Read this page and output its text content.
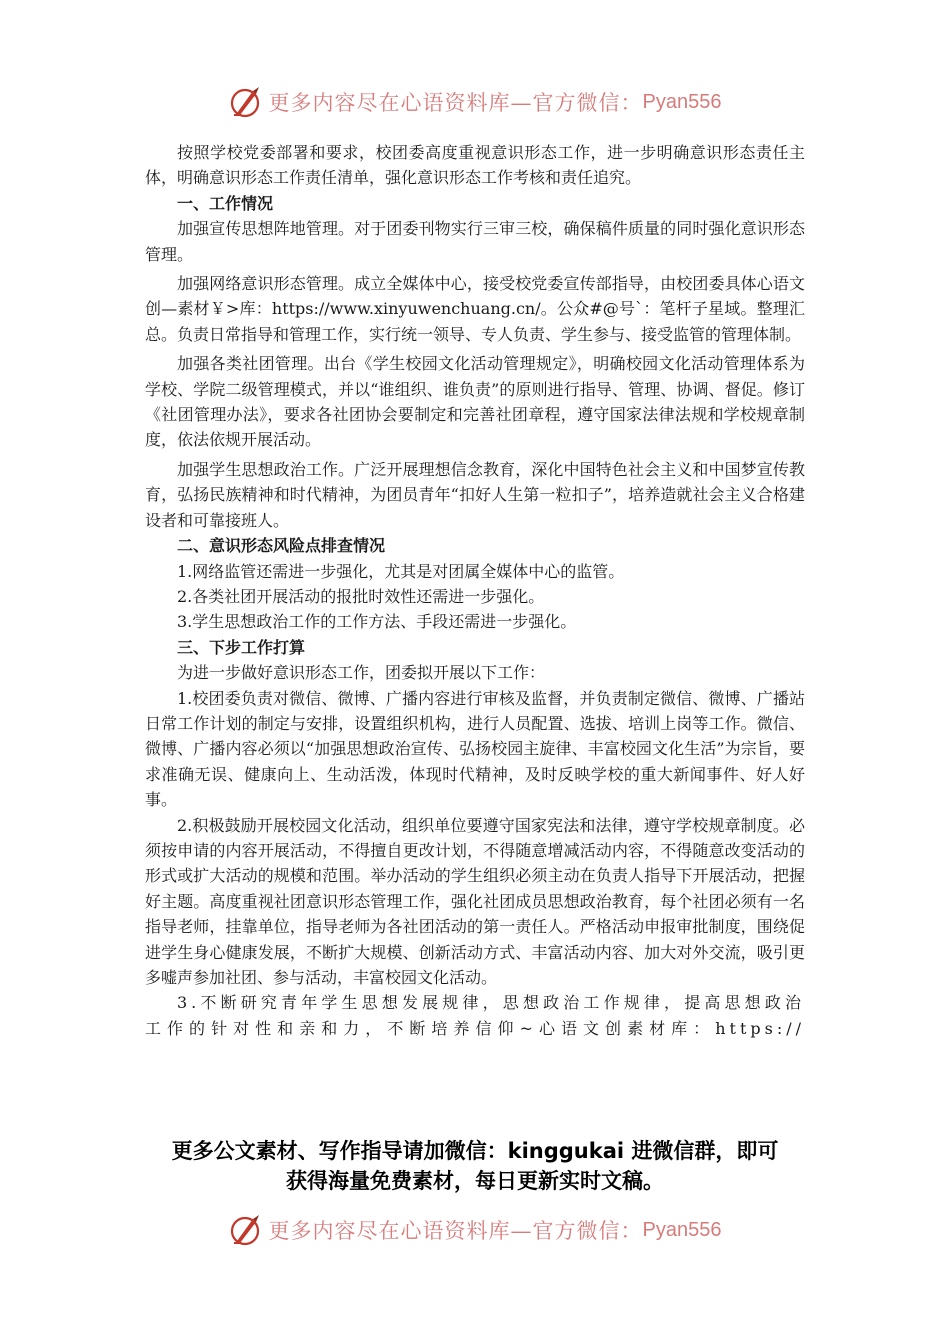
更多内容尽在心语资料库—官方微信： Pyan556

按照学校党委部署和要求，校团委高度重视意识形态工作，进一步明确意识形态责任主体，明确意识形态工作责任清单，强化意识形态工作考核和责任追究。

一、工作情况

加强宣传思想阵地管理。对于团委刊物实行三审三校，确保稿件质量的同时强化意识形态管理。

加强网络意识形态管理。成立全媒体中心，接受校党委宣传部指导，由校团委具体心语文创—素材￥>库：https://www.xinyuwenchuang.cn/。公众#@号`：笔杆子星域。整理汇总。负责日常指导和管理工作，实行统一领导、专人负责、学生参与、接受监管的管理体制。

加强各类社团管理。出台《学生校园文化活动管理规定》，明确校园文化活动管理体系为学校、学院二级管理模式，并以“谁组织、谁负责”的原则进行指导、管理、协调、督促。修订《社团管理办法》，要求各社团协会要制定和完善社团章程，遵守国家法律法规和学校规章制度，依法依规开展活动。

加强学生思想政治工作。广泛开展理想信念教育，深化中国特色社会主义和中国梦宣传教育，弘扬民族精神和时代精神，为团员青年“扣好人生第一粒扣子”，培养造就社会主义合格建设者和可靠接班人。

二、意识形态风险点排查情况

1.网络监管还需进一步强化，尤其是对团属全媒体中心的监管。

2.各类社团开展活动的报批时效性还需进一步强化。

3.学生思想政治工作的工作方法、手段还需进一步强化。

三、下步工作打算

为进一步做好意识形态工作，团委拟开展以下工作：

1.校团委负责对微信、微博、广播内容进行审核及监督，并负责制定微信、微博、广播站日常工作计划的制定与安排，设置组织机构，进行人员配置、选拔、培训上岗等工作。微信、微博、广播内容必须以“加强思想政治宣传、弘扬校园主旋律、丰富校园文化生活”为宗旨，要求准确无误、健康向上、生动活泼，体现时代精神，及时反映学校的重大新闻事件、好人好事。

2.积极鼓励开展校园文化活动，组织单位要遵守国家宪法和法律，遵守学校规章制度。必须按申请的内容开展活动，不得擅自更改计划，不得随意增减活动内容，不得随意改变活动的形式或扩大活动的规模和范围。举办活动的学生组织必须主动在负责人指导下开展活动，把握好主题。高度重视社团意识形态管理工作，强化社团成员思想政治教育，每个社团必须有一名指导老师，挂靠单位，指导老师为各社团活动的第一责任人。严格活动申报审批制度，围绕促进学生身心健康发展，不断扩大规模、创新活动方式、丰富活动内容、加大对外交流，吸引更多嘘声参加社团、参与活动，丰富校园文化活动。

3.不断研究青年学生思想发展规律，思想政治工作规律，提高思想政治工作的针对性和亲和力，不断培养信仰~心语文创素材库：https://

更多公文素材、写作指导请加微信：kinggukai 进微信群，即可
获得海量免费素材，每日更新实时文稿。
更多内容尽在心语资料库—官方微信： Pyan556
